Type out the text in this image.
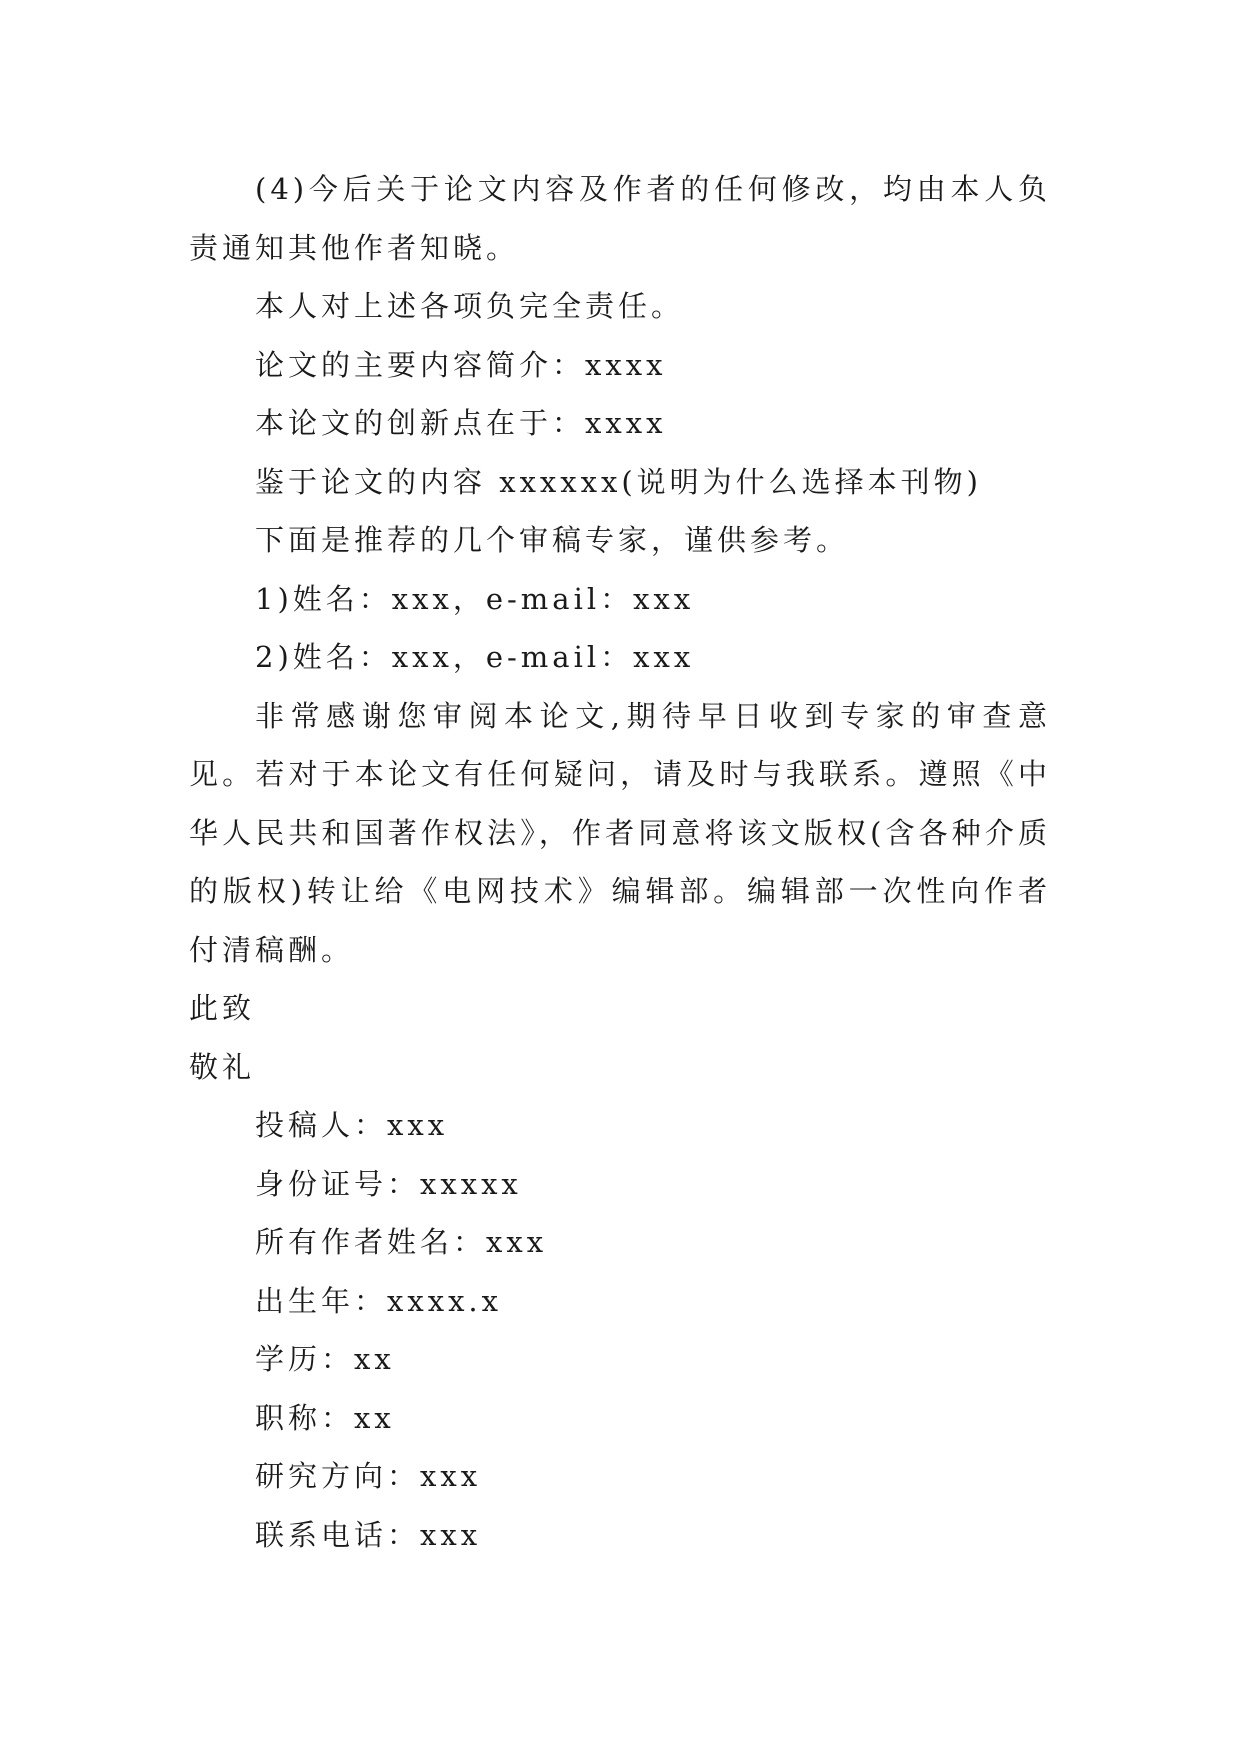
(4)今后关于论文内容及作者的任何修改，均由本人负责通知其他作者知晓。
本人对上述各项负完全责任。
论文的主要内容简介：xxxx
本论文的创新点在于：xxxx
鉴于论文的内容 xxxxxx(说明为什么选择本刊物)
下面是推荐的几个审稿专家，谨供参考。
1)姓名：xxx，e-mail：xxx
2)姓名：xxx，e-mail：xxx
非常感谢您审阅本论文,期待早日收到专家的审查意见。若对于本论文有任何疑问，请及时与我联系。遵照《中华人民共和国著作权法》，作者同意将该文版权(含各种介质的版权)转让给《电网技术》编辑部。编辑部一次性向作者付清稿酬。
此致
敬礼
投稿人：xxx
身份证号：xxxxx
所有作者姓名：xxx
出生年：xxxx.x
学历：xx
职称：xx
研究方向：xxx
联系电话：xxx
